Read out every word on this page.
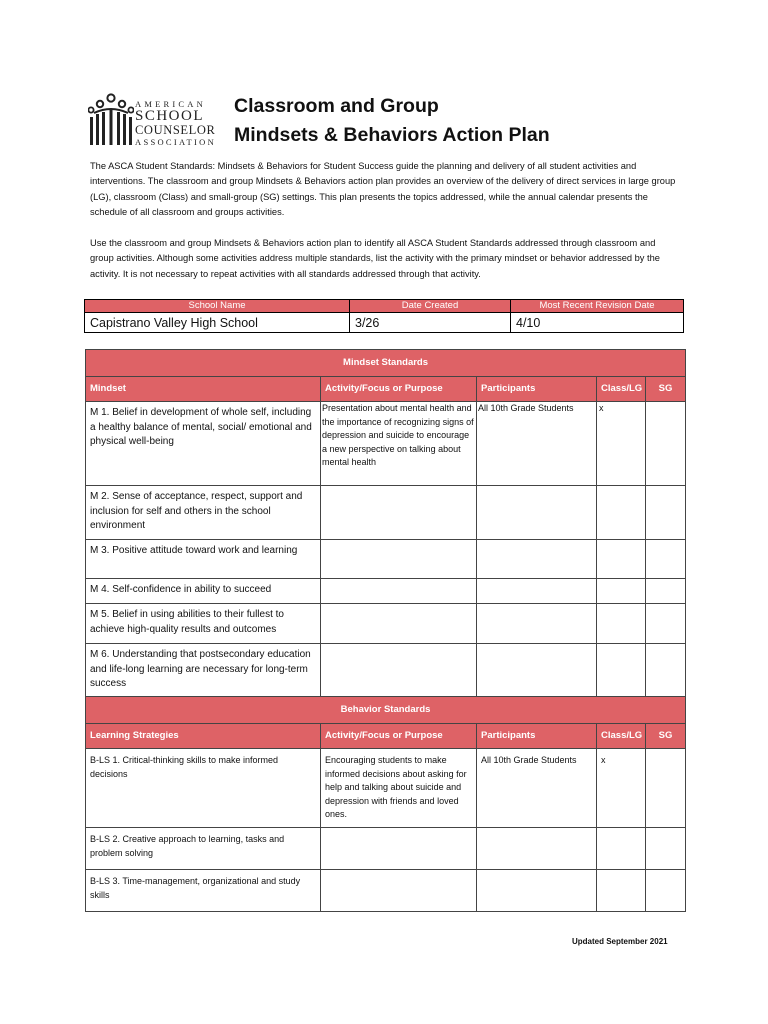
AMERICAN
SCHOOL
COUNSELOR
ASSOCIATION
Classroom and Group
Mindsets & Behaviors Action Plan
The ASCA Student Standards: Mindsets & Behaviors for Student Success guide the planning and delivery of all student activities and interventions. The classroom and group Mindsets & Behaviors action plan provides an overview of the delivery of direct services in large group (LG), classroom (Class) and small-group (SG) settings. This plan presents the topics addressed, while the annual calendar presents the schedule of all classroom and groups activities.
Use the classroom and group Mindsets & Behaviors action plan to identify all ASCA Student Standards addressed through classroom and group activities. Although some activities address multiple standards, list the activity with the primary mindset or behavior addressed by the activity. It is not necessary to repeat activities with all standards addressed through that activity.
School Name	Date Created	Most Recent Revision Date
Capistrano Valley High School	3/26	4/10
Mindset Standards				
Mindset	Activity/Focus or Purpose	Participants	Class/LG	SG
M 1. Belief in development of whole self, including a healthy balance of mental, social/ emotional and physical well-being	Presentation about mental health and the importance of recognizing signs of depression and suicide to encourage a new perspective on talking about mental health	All 10th Grade Students	x	
M 2. Sense of acceptance, respect, support and inclusion for self and others in the school environment				
M 3. Positive attitude toward work and learning				
M 4. Self-confidence in ability to succeed				
M 5. Belief in using abilities to their fullest to achieve high-quality results and outcomes				
M 6. Understanding that postsecondary education and life-long learning are necessary for long-term success				
Behavior Standards				
Learning Strategies	Activity/Focus or Purpose	Participants	Class/LG	SG
B-LS 1. Critical-thinking skills to make informed decisions	Encouraging students to make informed decisions about asking for help and talking about suicide and depression with friends and loved ones.	All 10th Grade Students	x	
B-LS 2. Creative approach to learning, tasks and problem solving				
B-LS 3. Time-management, organizational and study skills				
Updated September 2021
